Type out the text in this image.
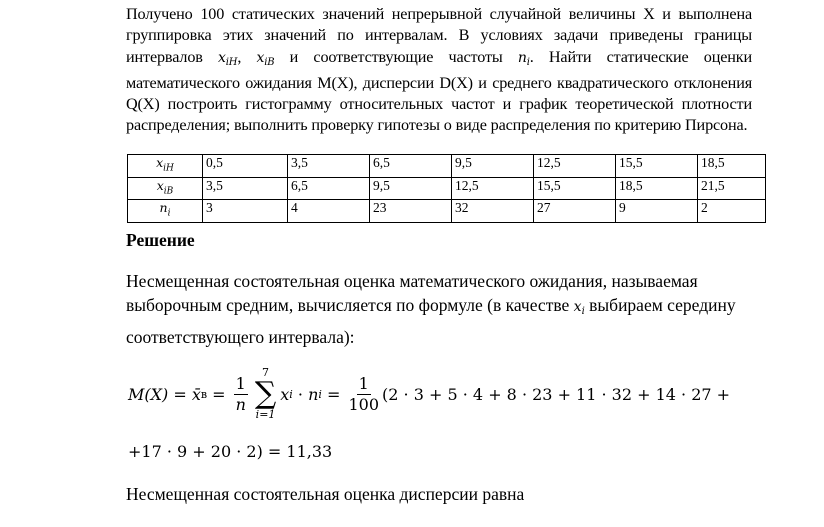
Получено 100 статических значений непрерывной случайной величины X и выполнена группировка этих значений по интервалам. В условиях задачи приведены границы интервалов $x_{iH}$, $x_{iB}$ и соответствующие частоты $n_i$. Найти статические оценки математического ожидания M(X), дисперсии D(X) и среднего квадратического отклонения Q(X) построить гистограмму относительных частот и график теоретической плотности распределения; выполнить проверку гипотезы о виде распределения по критерию Пирсона.

$x_{iH}$	0,5	3,5	6,5	9,5	12,5	15,5	18,5
$x_{iB}$	3,5	6,5	9,5	12,5	15,5	18,5	21,5
$n_i$	3	4	23	32	27	9	2
Решение

Несмещенная состоятельная оценка математического ожидания, называемая выборочным средним, вычисляется по формуле (в качестве $x_i$ выбираем середину соответствующего интервала):

M(X) = x̄ $в = \frac{1}{n}$
7
∑
i=1
x i · n $i = \frac{1}{100} (2 \cdot 3 + 5 \cdot 4 + 8 \cdot 23 + 11 \cdot 32 + 14 \cdot 27$ +
+17 · 9 + 20 · 2) = 11,33

Несмещенная состоятельная оценка дисперсии равна
